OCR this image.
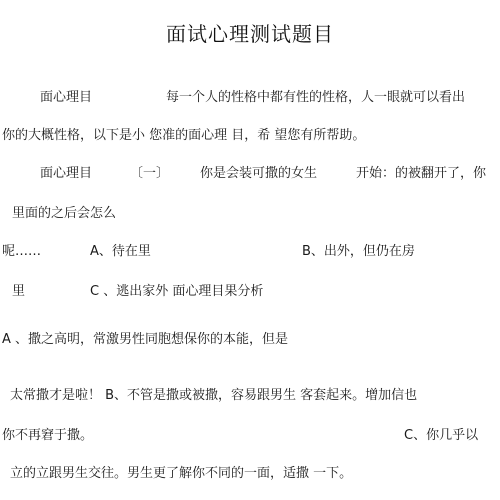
面试心理测试题目
面心理目	每一个人的性格中都有性的性格，人一眼就可以看出
你的大概性格，以下是小 您准的面心理 目，希 望您有所帮助。
面心理目	〔一〕 你是会装可撒的女生	开始：的被翻开了，你
里面的之后会怎么
呢……	A、待在里	B、出外，但仍在房
里	C 、逃出家外 面心理目果分析
A 、撒之高明，常激男性同胞想保你的本能，但是
太常撒才是啦！ B、不管是撒或被撒，容易跟男生 客套起来。增加信也
你不再窘于撒。	C、你几乎以
立的立跟男生交往。男生更了解你不同的一面，适撒 一下。
